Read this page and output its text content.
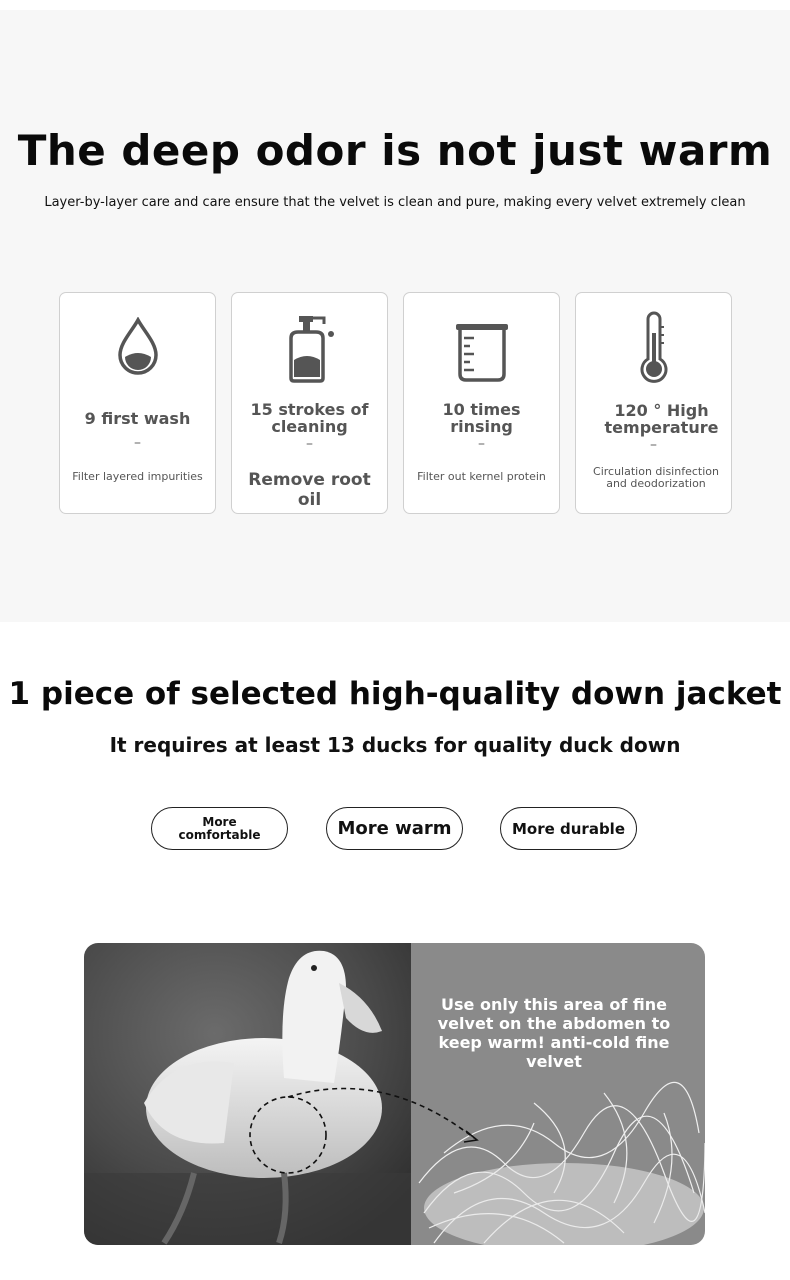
The deep odor is not just warm
Layer-by-layer care and care ensure that the velvet is clean and pure, making every velvet extremely clean
9 first wash
–
Filter layered impurities
15 strokes of cleaning
–
Remove root oil
10 times rinsing
–
Filter out kernel protein
120 ° High temperature
–
Circulation disinfection and deodorization
1 piece of selected high-quality down jacket
It requires at least 13 ducks for quality duck down
More comfortable	More warm	More durable
Use only this area of fine velvet on the abdomen to keep warm! anti-cold fine velvet
